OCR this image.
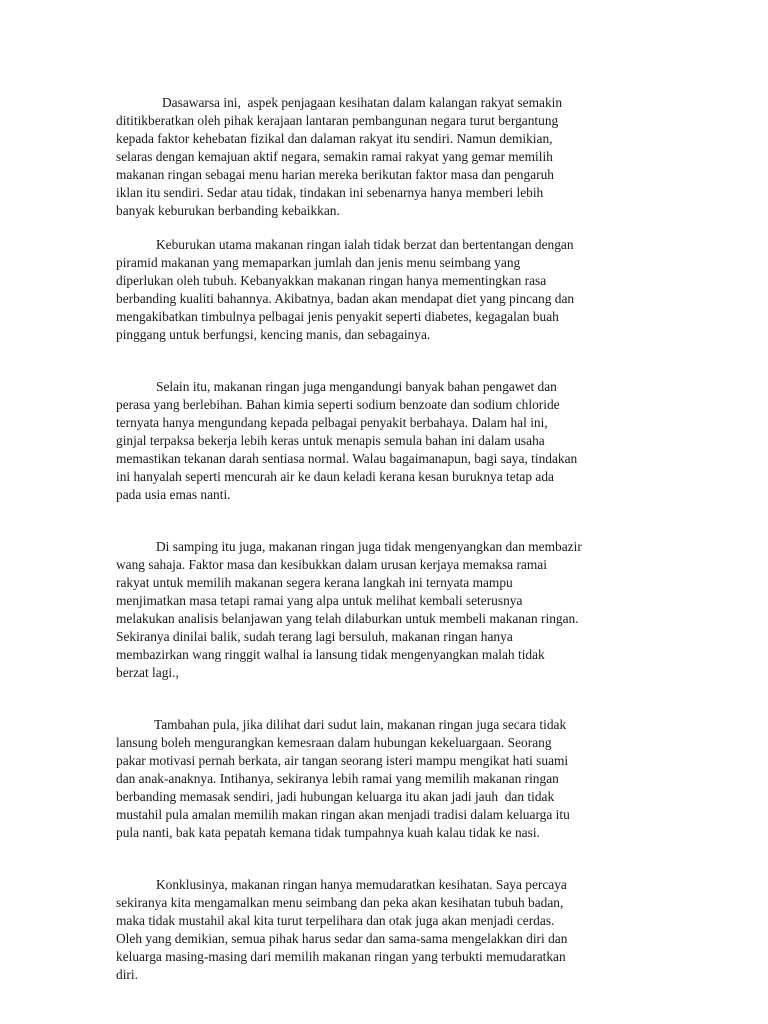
Dasawarsa ini,  aspek penjagaan kesihatan dalam kalangan rakyat semakin
dititikberatkan oleh pihak kerajaan lantaran pembangunan negara turut bergantung
kepada faktor kehebatan fizikal dan dalaman rakyat itu sendiri. Namun demikian,
selaras dengan kemajuan aktif negara, semakin ramai rakyat yang gemar memilih
makanan ringan sebagai menu harian mereka berikutan faktor masa dan pengaruh
iklan itu sendiri. Sedar atau tidak, tindakan ini sebenarnya hanya memberi lebih
banyak keburukan berbanding kebaikkan.
Keburukan utama makanan ringan ialah tidak berzat dan bertentangan dengan
piramid makanan yang memaparkan jumlah dan jenis menu seimbang yang
diperlukan oleh tubuh. Kebanyakkan makanan ringan hanya mementingkan rasa
berbanding kualiti bahannya. Akibatnya, badan akan mendapat diet yang pincang dan
mengakibatkan timbulnya pelbagai jenis penyakit seperti diabetes, kegagalan buah
pinggang untuk berfungsi, kencing manis, dan sebagainya.
Selain itu, makanan ringan juga mengandungi banyak bahan pengawet dan
perasa yang berlebihan. Bahan kimia seperti sodium benzoate dan sodium chloride
ternyata hanya mengundang kepada pelbagai penyakit berbahaya. Dalam hal ini,
ginjal terpaksa bekerja lebih keras untuk menapis semula bahan ini dalam usaha
memastikan tekanan darah sentiasa normal. Walau bagaimanapun, bagi saya, tindakan
ini hanyalah seperti mencurah air ke daun keladi kerana kesan buruknya tetap ada
pada usia emas nanti.
Di samping itu juga, makanan ringan juga tidak mengenyangkan dan membazir
wang sahaja. Faktor masa dan kesibukkan dalam urusan kerjaya memaksa ramai
rakyat untuk memilih makanan segera kerana langkah ini ternyata mampu
menjimatkan masa tetapi ramai yang alpa untuk melihat kembali seterusnya
melakukan analisis belanjawan yang telah dilaburkan untuk membeli makanan ringan.
Sekiranya dinilai balik, sudah terang lagi bersuluh, makanan ringan hanya
membazirkan wang ringgit walhal ia lansung tidak mengenyangkan malah tidak
berzat lagi.,
Tambahan pula, jika dilihat dari sudut lain, makanan ringan juga secara tidak
lansung boleh mengurangkan kemesraan dalam hubungan kekeluargaan. Seorang
pakar motivasi pernah berkata, air tangan seorang isteri mampu mengikat hati suami
dan anak-anaknya. Intihanya, sekiranya lebih ramai yang memilih makanan ringan
berbanding memasak sendiri, jadi hubungan keluarga itu akan jadi jauh  dan tidak
mustahil pula amalan memilih makan ringan akan menjadi tradisi dalam keluarga itu
pula nanti, bak kata pepatah kemana tidak tumpahnya kuah kalau tidak ke nasi.
Konklusinya, makanan ringan hanya memudaratkan kesihatan. Saya percaya
sekiranya kita mengamalkan menu seimbang dan peka akan kesihatan tubuh badan,
maka tidak mustahil akal kita turut terpelihara dan otak juga akan menjadi cerdas.
Oleh yang demikian, semua pihak harus sedar dan sama-sama mengelakkan diri dan
keluarga masing-masing dari memilih makanan ringan yang terbukti memudaratkan
diri.
